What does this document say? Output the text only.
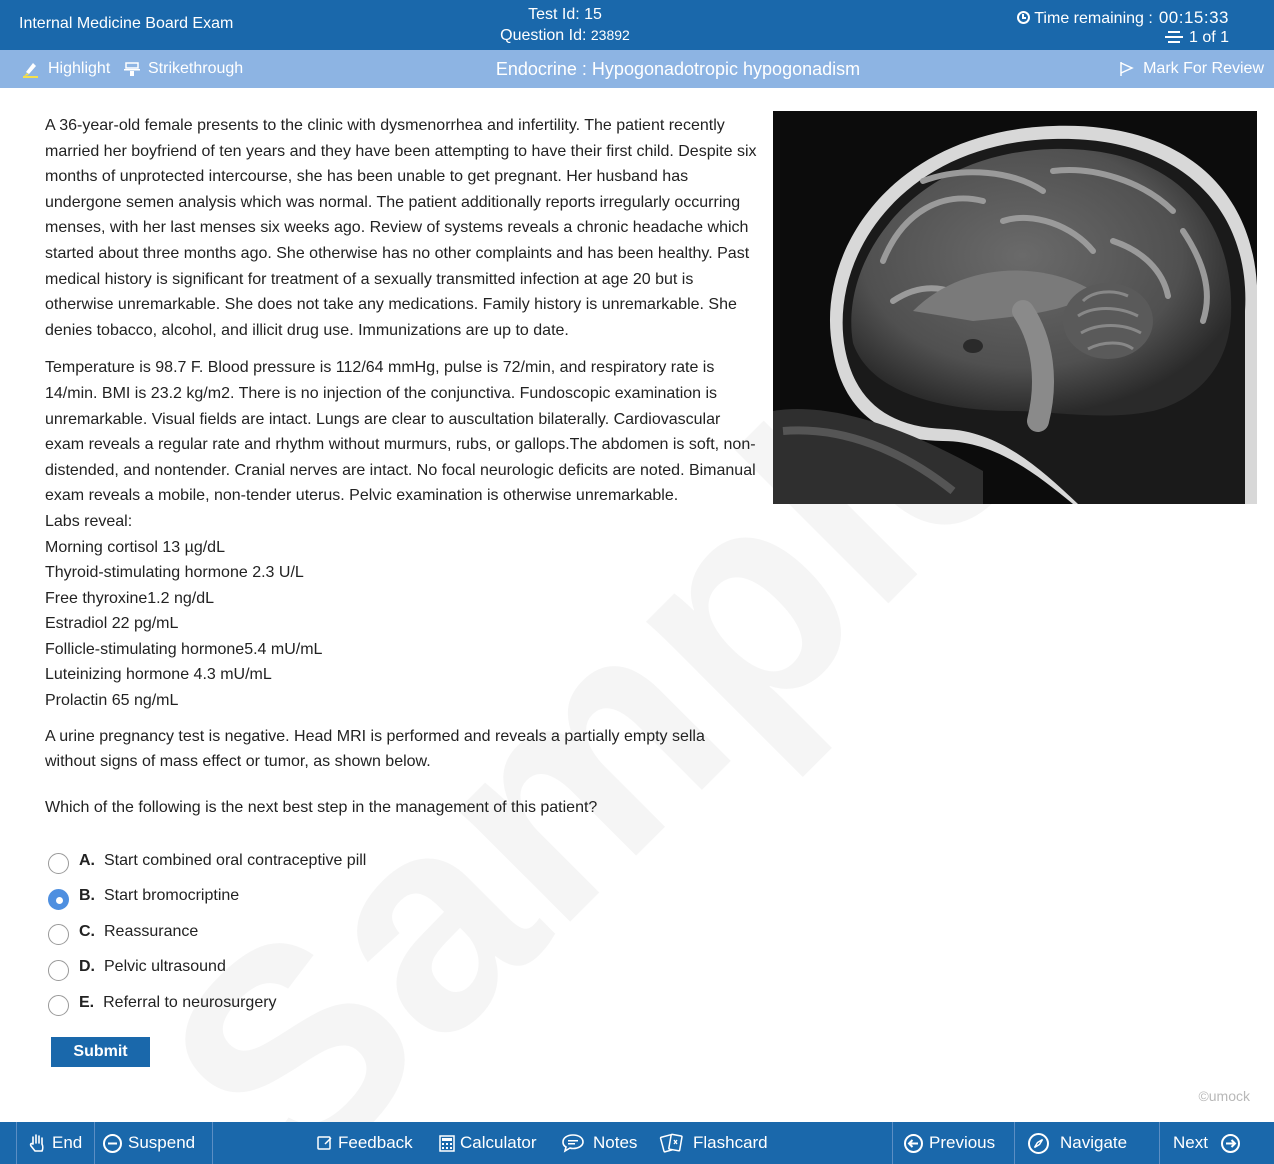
Internal Medicine Board Exam
Test Id: 15
Question Id: 23892
Time remaining : 00:15:33
1 of 1
Highlight Strikethrough	Endocrine : Hypogonadotropic hypogonadism	Mark For Review

A 36-year-old female presents to the clinic with dysmenorrhea and infertility. The patient recently married her boyfriend of ten years and they have been attempting to have their first child. Despite six months of unprotected intercourse, she has been unable to get pregnant. Her husband has undergone semen analysis which was normal. The patient additionally reports irregularly occurring menses, with her last menses six weeks ago. Review of systems reveals a chronic headache which started about three months ago. She otherwise has no other complaints and has been healthy. Past medical history is significant for treatment of a sexually transmitted infection at age 20 but is otherwise unremarkable. She does not take any medications. Family history is unremarkable. She denies tobacco, alcohol, and illicit drug use. Immunizations are up to date.

Temperature is 98.7 F. Blood pressure is 112/64 mmHg, pulse is 72/min, and respiratory rate is 14/min. BMI is 23.2 kg/m2. There is no injection of the conjunctiva. Fundoscopic examination is unremarkable. Visual fields are intact. Lungs are clear to auscultation bilaterally. Cardiovascular exam reveals a regular rate and rhythm without murmurs, rubs, or gallops.The abdomen is soft, non-distended, and nontender. Cranial nerves are intact. No focal neurologic deficits are noted. Bimanual exam reveals a mobile, non-tender uterus. Pelvic examination is otherwise unremarkable.

Labs reveal:
Morning cortisol 13 µg/dL
Thyroid-stimulating hormone 2.3 U/L
Free thyroxine1.2 ng/dL
Estradiol 22 pg/mL
Follicle-stimulating hormone5.4 mU/mL
Luteinizing hormone 4.3 mU/mL
Prolactin 65 ng/mL

A urine pregnancy test is negative. Head MRI is performed and reveals a partially empty sella without signs of mass effect or tumor, as shown below.

Which of the following is the next best step in the management of this patient?

A. Start combined oral contraceptive pill
B. Start bromocriptine
C. Reassurance
D. Pelvic ultrasound
E. Referral to neurosurgery
Submit
©umock
End	Suspend	Feedback	Calculator	Notes	Flashcard	Previous	Navigate	Next
